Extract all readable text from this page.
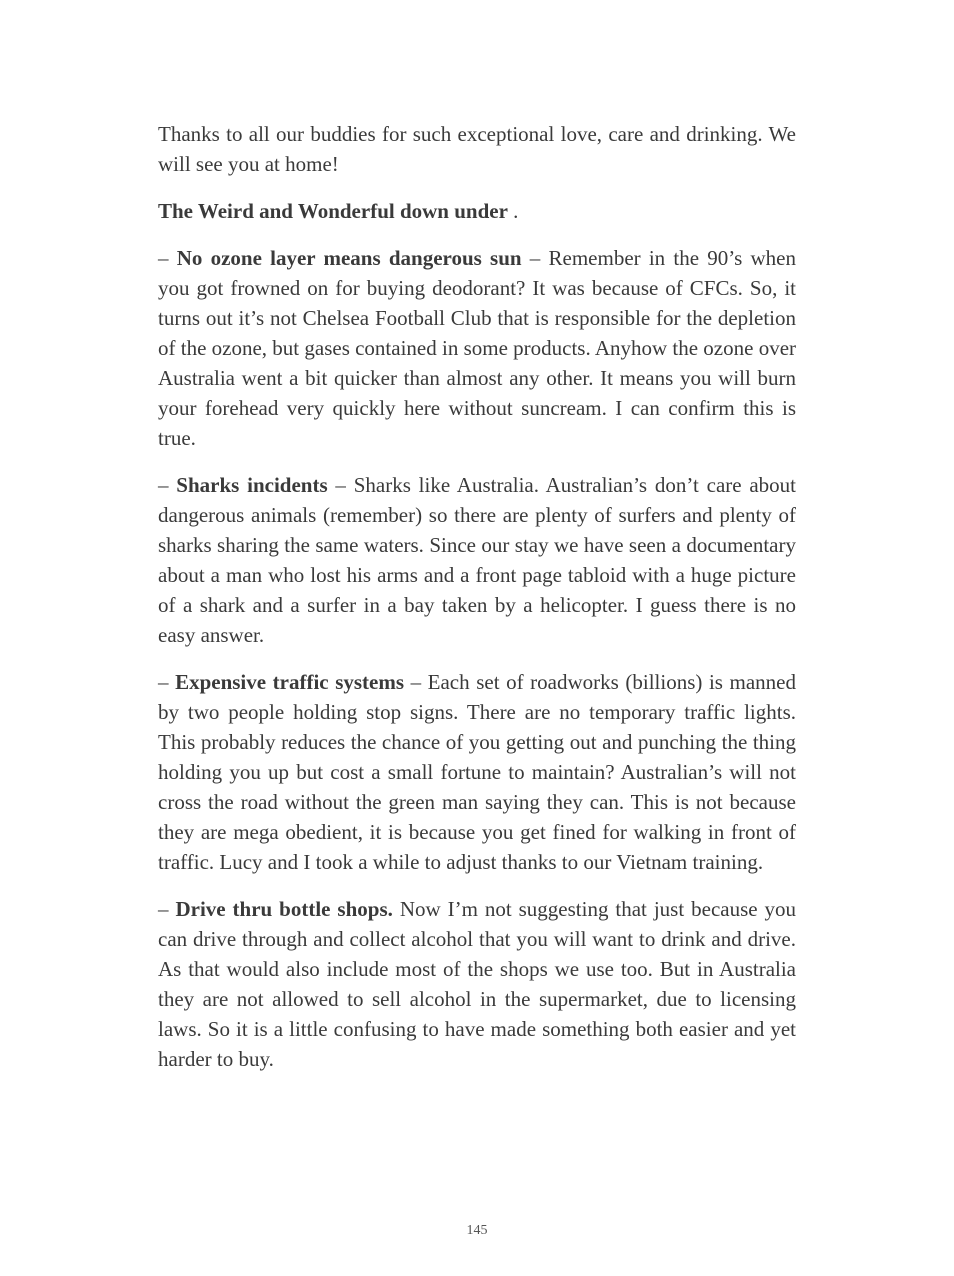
Thanks to all our buddies for such exceptional love, care and drinking. We will see you at home!

The Weird and Wonderful down under .

– No ozone layer means dangerous sun – Remember in the 90’s when you got frowned on for buying deodorant? It was because of CFCs. So, it turns out it’s not Chelsea Football Club that is responsible for the depletion of the ozone, but gases contained in some products. Anyhow the ozone over Australia went a bit quicker than almost any other. It means you will burn your forehead very quickly here without suncream. I can confirm this is true.

– Sharks incidents – Sharks like Australia. Australian’s don’t care about dangerous animals (remember) so there are plenty of surfers and plenty of sharks sharing the same waters. Since our stay we have seen a documentary about a man who lost his arms and a front page tabloid with a huge picture of a shark and a surfer in a bay taken by a helicopter. I guess there is no easy answer.

– Expensive traffic systems – Each set of roadworks (billions) is manned by two people holding stop signs. There are no temporary traffic lights. This probably reduces the chance of you getting out and punching the thing holding you up but cost a small fortune to maintain? Australian’s will not cross the road without the green man saying they can. This is not because they are mega obedient, it is because you get fined for walking in front of traffic. Lucy and I took a while to adjust thanks to our Vietnam training.

– Drive thru bottle shops. Now I’m not suggesting that just because you can drive through and collect alcohol that you will want to drink and drive. As that would also include most of the shops we use too. But in Australia they are not allowed to sell alcohol in the supermarket, due to licensing laws. So it is a little confusing to have made something both easier and yet harder to buy.

145
